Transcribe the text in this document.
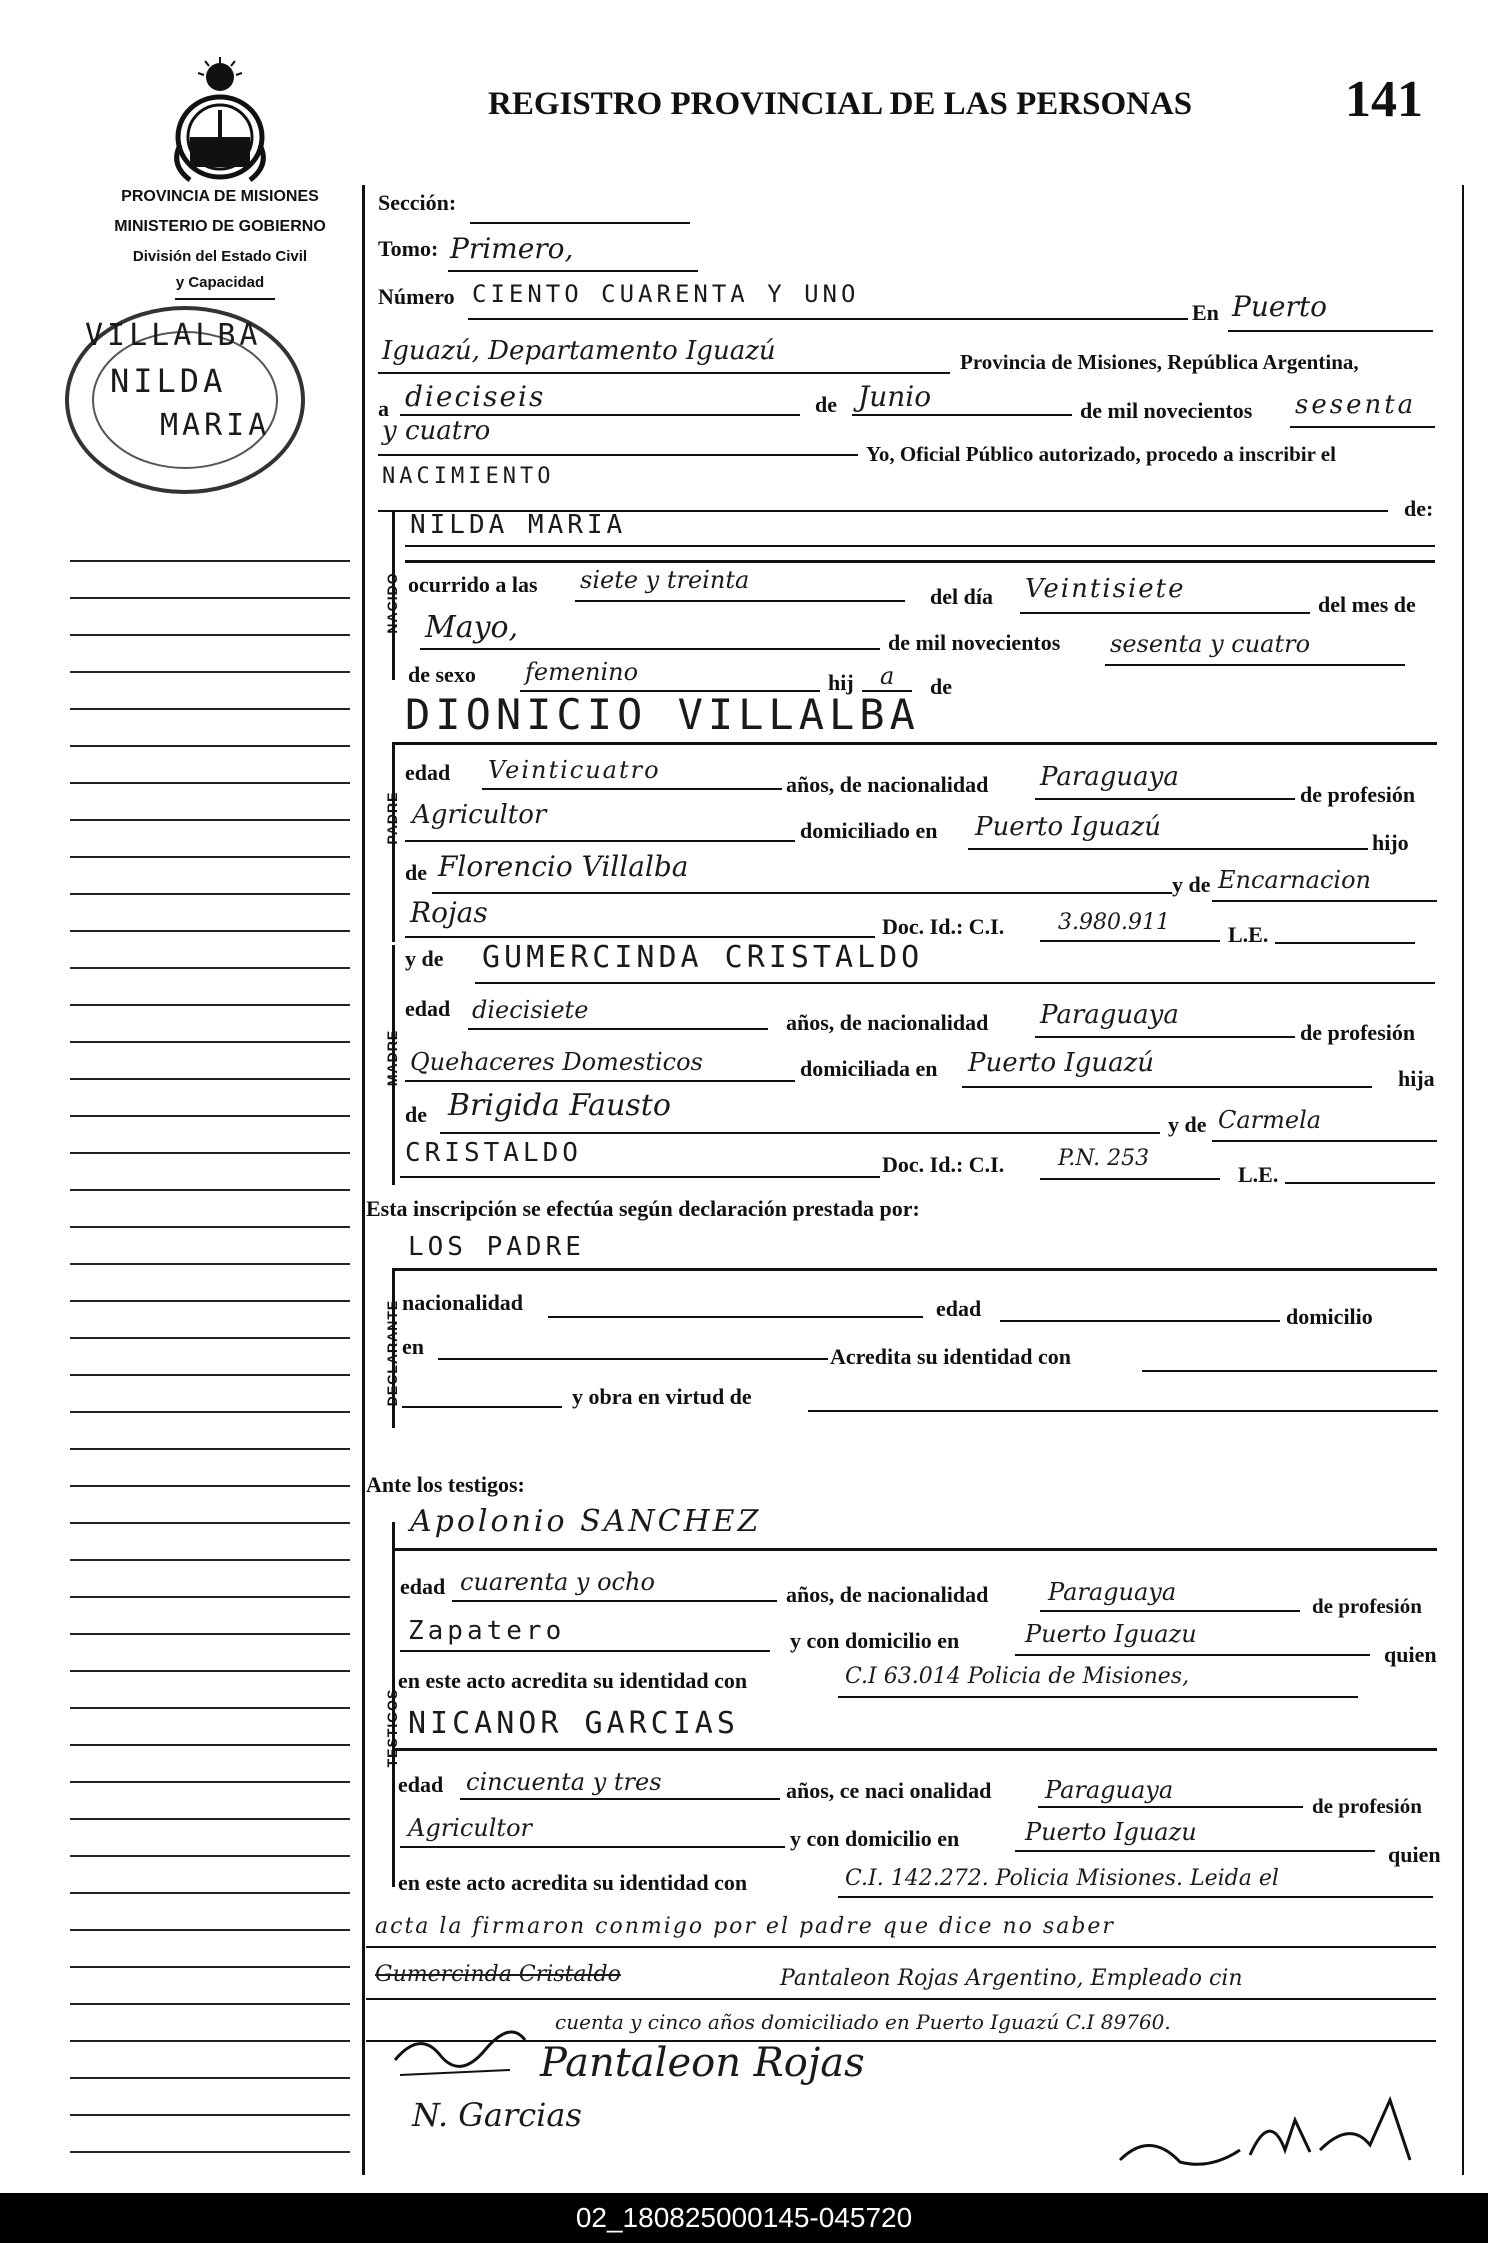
REGISTRO PROVINCIAL DE LAS PERSONAS	141
PROVINCIA DE MISIONES
MINISTERIO DE GOBIERNO
División del Estado Civil
y Capacidad
VILLALBA
NILDA
MARIA
Sección:
Tomo: Primero,
Número CIENTO CUARENTA Y UNO
En Puerto
Iguazú, Departamento Iguazú	Provincia de Misiones, República Argentina,
a dieciseis	de Junio	de mil novecientos sesenta
y cuatro
Yo, Oficial Público autorizado, procedo a inscribir el
NACIMIENTO
de:
NACIDO
NILDA MARIA
ocurrido a las siete y treinta
del día Veintisiete
del mes de
Mayo,	de mil novecientos sesenta y cuatro
de sexo femenino	hij a de
DIONICIO VILLALBA
PADRE
edad Veinticuatro
años, de nacionalidad Paraguaya
de profesión
Agricultor
domiciliado en Puerto Iguazú
hijo
de Florencio Villalba
y de Encarnacion
Rojas	Doc. Id.: C.I. 3.980.911	L.E.
y de GUMERCINDA CRISTALDO
MADRE
edad diecisiete	años, de nacionalidad Paraguaya
de profesión
Quehaceres Domesticos	domiciliada en Puerto Iguazú
hija
de Brigida Fausto
y de Carmela
CRISTALDO	Doc. Id.: C.I. P.N. 253
L.E.
Esta inscripción se efectúa según declaración prestada por:
LOS PADRE
DECLARANTE nacionalidad	edad	domicilio
en	Acredita su identidad con
y obra en virtud de
Ante los testigos:
Apolonio SANCHEZ
TESTIGOS
edad cuarenta y ocho	años, de nacionalidad Paraguaya	de profesión
Zapatero	y con domicilio en	Puerto Iguazu
quien
en este acto acredita su identidad con	C.I 63.014 Policia de Misiones,
NICANOR GARCIAS
edad cincuenta y tres	años, ce naci onalidad Paraguaya
de profesión
Agricultor	y con domicilio en	Puerto Iguazu
quien
en este acto acredita su identidad con	C.I. 142.272. Policia Misiones. Leida el
acta la firmaron conmigo por el padre que dice no saber
Gumercinda Cristaldo	Pantaleon Rojas Argentino, Empleado cin
cuenta y cinco años domiciliado en Puerto Iguazú C.I 89760.
Pantaleon Rojas
N. Garcias
02_180825000145-045720
